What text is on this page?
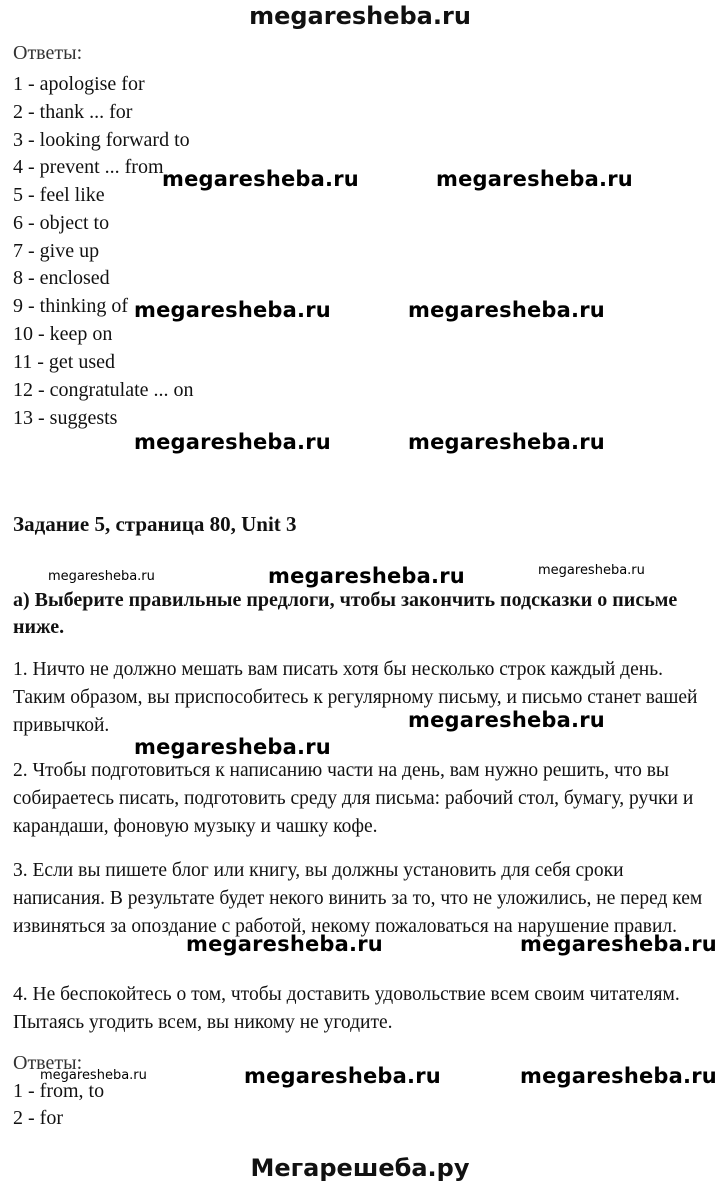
megaresheba.ru
Ответы:
1 - apologise for
2 - thank ... for
3 - looking forward to
4 - prevent ... from
5 - feel like
6 - object to
7 - give up
8 - enclosed
9 - thinking of
10 - keep on
11 - get used
12 - congratulate ... on
13 - suggests
Задание 5, страница 80, Unit 3
а) Выберите правильные предлоги, чтобы закончить подсказки о письме ниже.
1. Ничто не должно мешать вам писать хотя бы несколько строк каждый день. Таким образом, вы приспособитесь к регулярному письму, и письмо станет вашей привычкой.
2. Чтобы подготовиться к написанию части на день, вам нужно решить, что вы собираетесь писать, подготовить среду для письма: рабочий стол, бумагу, ручки и карандаши, фоновую музыку и чашку кофе.
3. Если вы пишете блог или книгу, вы должны установить для себя сроки написания. В результате будет некого винить за то, что не уложились, не перед кем извиняться за опоздание с работой, некому пожаловаться на нарушение правил.
4. Не беспокойтесь о том, чтобы доставить удовольствие всем своим читателям. Пытаясь угодить всем, вы никому не угодите.
Ответы:
1 - from, to
2 - for
megaresheba.ru	megaresheba.ru
megaresheba.ru	megaresheba.ru
megaresheba.ru	megaresheba.ru
megaresheba.ru	megaresheba.ru	megaresheba.ru
megaresheba.ru
megaresheba.ru
megaresheba.ru	megaresheba.ru
megaresheba.ru	megaresheba.ru	megaresheba.ru
Мегарешеба.ру
